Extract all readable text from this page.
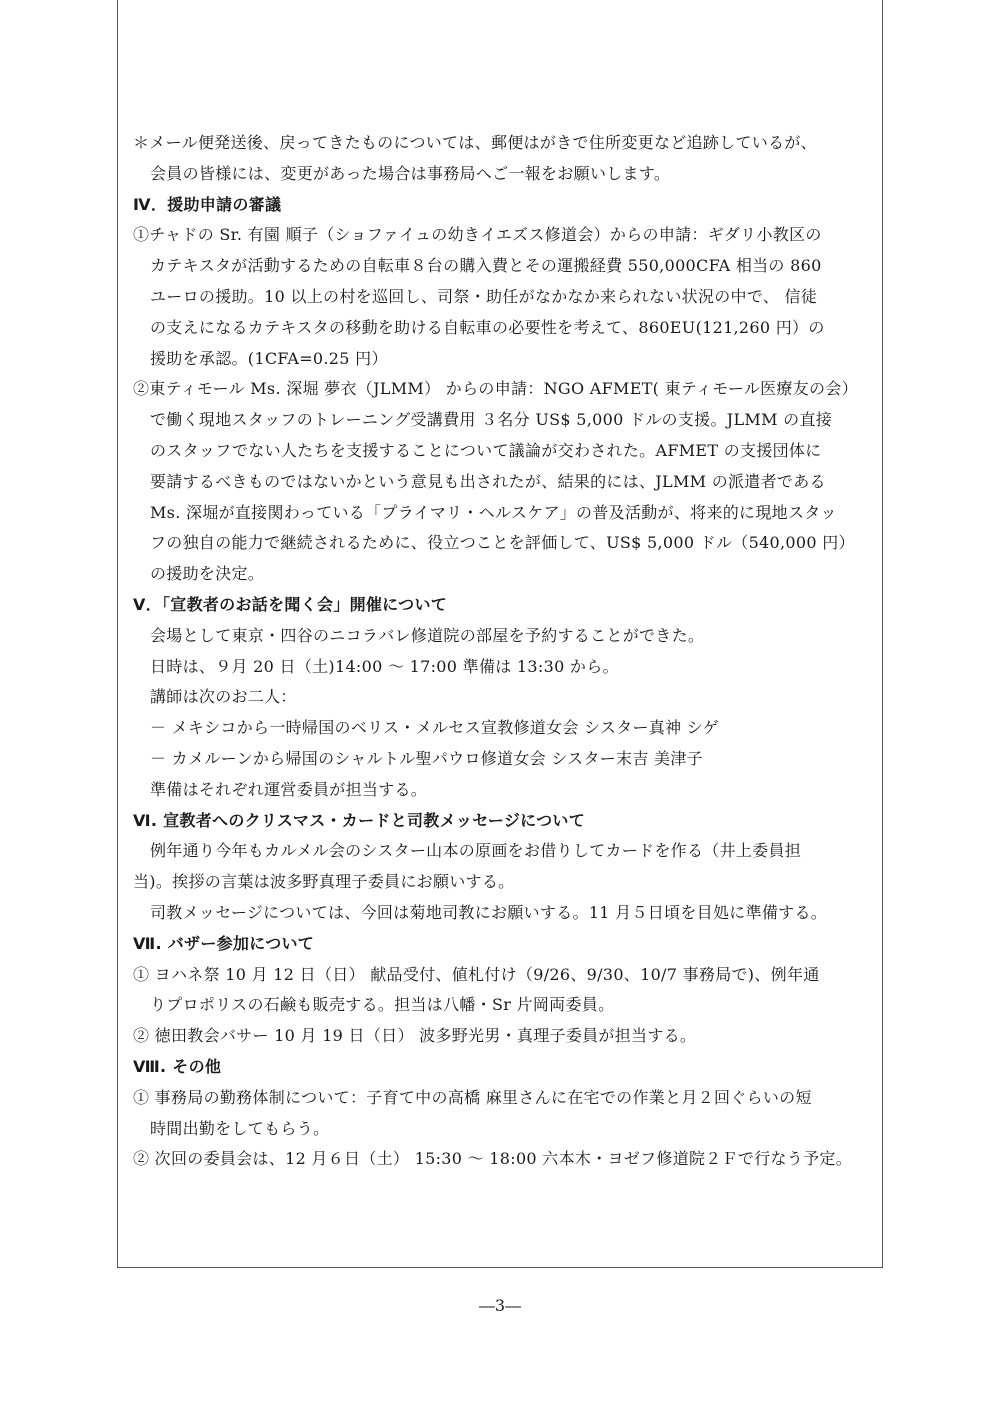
＊メール便発送後、戻ってきたものについては、郵便はがきで住所変更など追跡しているが、
会員の皆様には、変更があった場合は事務局へご一報をお願いします。
Ⅳ．援助申請の審議
①チャドの Sr. 有園 順子（ショファイュの幼きイエズス修道会）からの申請：ギダリ小教区の
カテキスタが活動するための自転車８台の購入費とその運搬経費 550,000CFA 相当の 860
ユーロの援助。10 以上の村を巡回し、司祭・助任がなかなか来られない状況の中で、 信徒
の支えになるカテキスタの移動を助ける自転車の必要性を考えて、860EU(121,260 円）の
援助を承認。(1CFA=0.25 円）
②東ティモール Ms. 深堀 夢衣（JLMM） からの申請：NGO AFMET( 東ティモール医療友の会）
で働く現地スタッフのトレーニング受講費用 ３名分 US$ 5,000 ドルの支援。JLMM の直接
のスタッフでない人たちを支援することについて議論が交わされた。AFMET の支援団体に
要請するべきものではないかという意見も出されたが、結果的には、JLMM の派遣者である
Ms. 深堀が直接関わっている「プライマリ・ヘルスケア」の普及活動が、将来的に現地スタッ
フの独自の能力で継続されるために、役立つことを評価して、US$ 5,000 ドル（540,000 円）
の援助を決定。
Ⅴ．「宣教者のお話を聞く会」開催について
会場として東京・四谷のニコラバレ修道院の部屋を予約することができた。
日時は、９月 20 日（土)14:00 ～ 17:00 準備は 13:30 から。
講師は次のお二人：
－ メキシコから一時帰国のベリス・メルセス宣教修道女会 シスター真神 シゲ
－ カメルーンから帰国のシャルトル聖パウロ修道女会 シスター末吉 美津子
準備はそれぞれ運営委員が担当する。
Ⅵ. 宣教者へのクリスマス・カードと司教メッセージについて
例年通り今年もカルメル会のシスター山本の原画をお借りしてカードを作る（井上委員担
当)。挨拶の言葉は波多野真理子委員にお願いする。
司教メッセージについては、今回は菊地司教にお願いする。11 月５日頃を目処に準備する。
Ⅶ. バザー参加について
① ヨハネ祭 10 月 12 日（日） 献品受付、値札付け（9/26、9/30、10/7 事務局で)、例年通
りプロポリスの石鹸も販売する。担当は八幡・Sr 片岡両委員。
② 徳田教会バサー 10 月 19 日（日） 波多野光男・真理子委員が担当する。
Ⅷ. その他
① 事務局の勤務体制について：子育て中の高橋 麻里さんに在宅での作業と月２回ぐらいの短
時間出勤をしてもらう。
② 次回の委員会は、12 月６日（土） 15:30 ～ 18:00 六本木・ヨゼフ修道院２Ｆで行なう予定。
―3―
